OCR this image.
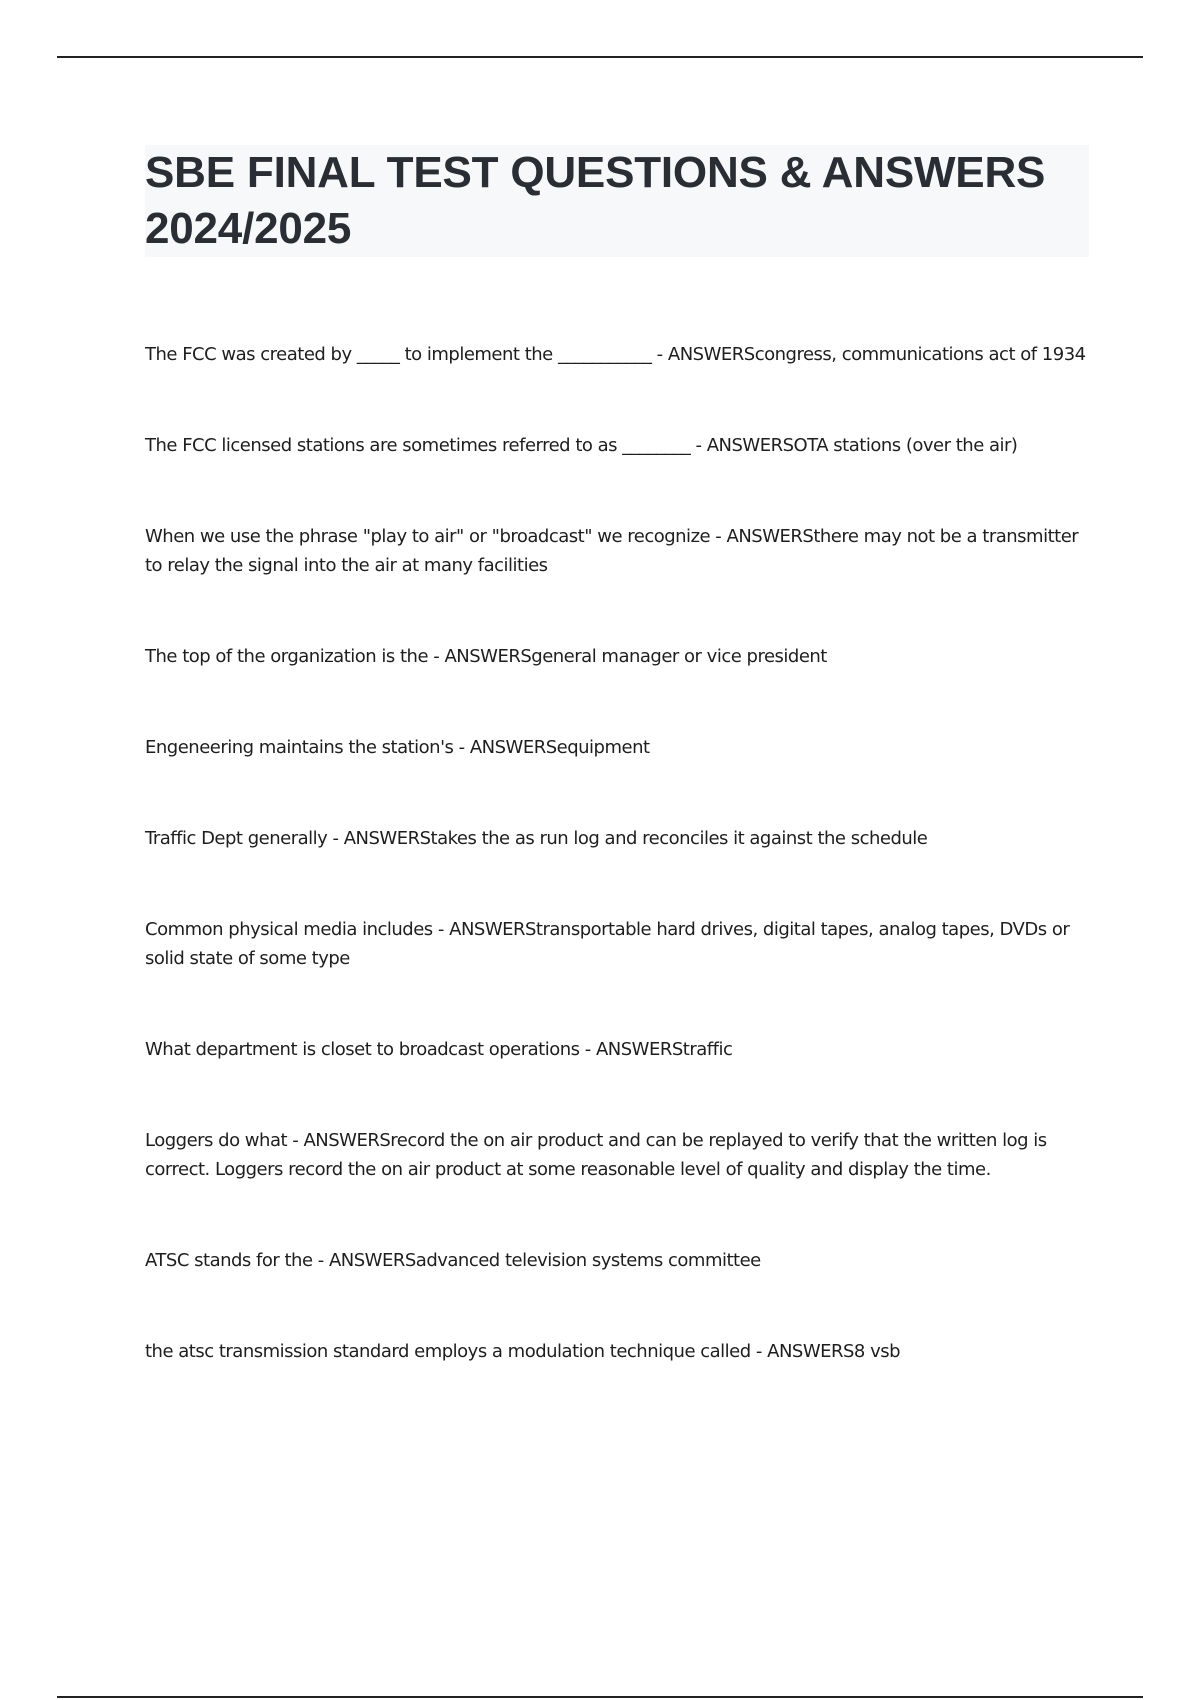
SBE FINAL TEST QUESTIONS & ANSWERS 2024/2025
The FCC was created by _____ to implement the ___________ - ANSWERScongress, communications act of 1934
The FCC licensed stations are sometimes referred to as ________ - ANSWERSOTA stations (over the air)
When we use the phrase "play to air" or "broadcast" we recognize - ANSWERSthere may not be a transmitter to relay the signal into the air at many facilities
The top of the organization is the - ANSWERSgeneral manager or vice president
Engeneering maintains the station's - ANSWERSequipment
Traffic Dept generally - ANSWERStakes the as run log and reconciles it against the schedule
Common physical media includes - ANSWERStransportable hard drives, digital tapes, analog tapes, DVDs or solid state of some type
What department is closet to broadcast operations - ANSWERStraffic
Loggers do what - ANSWERSrecord the on air product and can be replayed to verify that the written log is correct. Loggers record the on air product at some reasonable level of quality and display the time.
ATSC stands for the - ANSWERSadvanced television systems committee
the atsc transmission standard employs a modulation technique called - ANSWERS8 vsb
